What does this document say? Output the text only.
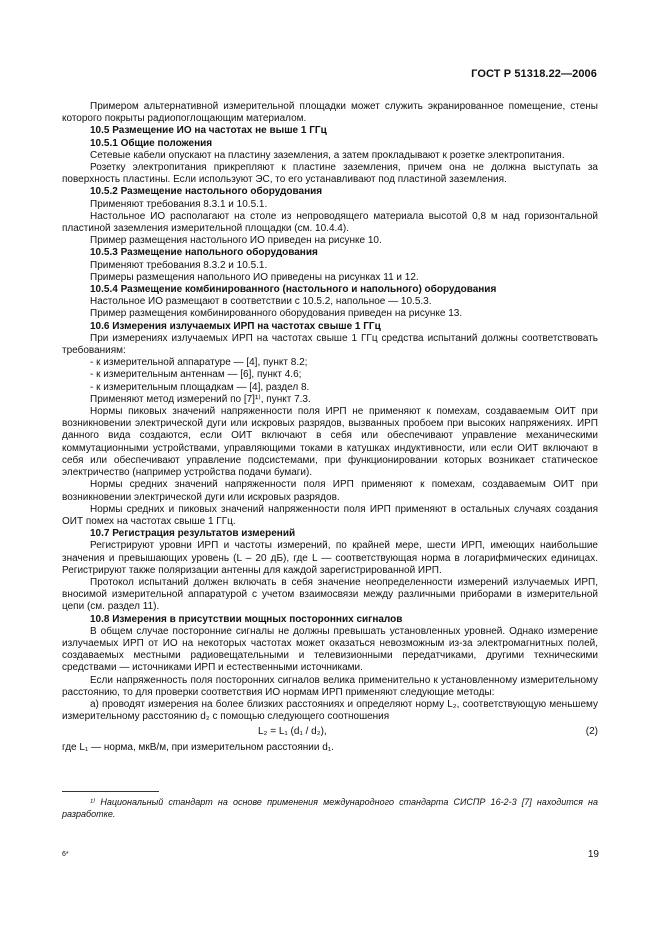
ГОСТ Р 51318.22—2006

Примером альтернативной измерительной площадки может служить экранированное помещение, стены которого покрыты радиопоглощающим материалом.

10.5 Размещение ИО на частотах не выше 1 ГГц

10.5.1 Общие положения

Сетевые кабели опускают на пластину заземления, а затем прокладывают к розетке электропитания.

Розетку электропитания прикрепляют к пластине заземления, причем она не должна выступать за поверхность пластины. Если используют ЭС, то его устанавливают под пластиной заземления.

10.5.2 Размещение настольного оборудования

Применяют требования 8.3.1 и 10.5.1.

Настольное ИО располагают на столе из непроводящего материала высотой 0,8 м над горизонтальной пластиной заземления измерительной площадки (см. 10.4.4).

Пример размещения настольного ИО приведен на рисунке 10.

10.5.3 Размещение напольного оборудования

Применяют требования 8.3.2 и 10.5.1.

Примеры размещения напольного ИО приведены на рисунках 11 и 12.

10.5.4 Размещение комбинированного (настольного и напольного) оборудования

Настольное ИО размещают в соответствии с 10.5.2, напольное — 10.5.3.

Пример размещения комбинированного оборудования приведен на рисунке 13.

10.6 Измерения излучаемых ИРП на частотах свыше 1 ГГц

При измерениях излучаемых ИРП на частотах свыше 1 ГГц средства испытаний должны соответствовать требованиям:

- к измерительной аппаратуре — [4], пункт 8.2;

- к измерительным антеннам — [6], пункт 4.6;

- к измерительным площадкам — [4], раздел 8.

Применяют метод измерений по [7]¹⁾, пункт 7.3.

Нормы пиковых значений напряженности поля ИРП не применяют к помехам, создаваемым ОИТ при возникновении электрической дуги или искровых разрядов, вызванных пробоем при высоких напряжениях. ИРП данного вида создаются, если ОИТ включают в себя или обеспечивают управление механическими коммутационными устройствами, управляющими токами в катушках индуктивности, или если ОИТ включают в себя или обеспечивают управление подсистемами, при функционировании которых возникает статическое электричество (например устройства подачи бумаги).

Нормы средних значений напряженности поля ИРП применяют к помехам, создаваемым ОИТ при возникновении электрической дуги или искровых разрядов.

Нормы средних и пиковых значений напряженности поля ИРП применяют в остальных случаях создания ОИТ помех на частотах свыше 1 ГГц.

10.7 Регистрация результатов измерений

Регистрируют уровни ИРП и частоты измерений, по крайней мере, шести ИРП, имеющих наибольшие значения и превышающих уровень (L – 20 дБ), где L — соответствующая норма в логарифмических единицах. Регистрируют также поляризации антенны для каждой зарегистрированной ИРП.

Протокол испытаний должен включать в себя значение неопределенности измерений излучаемых ИРП, вносимой измерительной аппаратурой с учетом взаимосвязи между различными приборами в измерительной цепи (см. раздел 11).

10.8 Измерения в присутствии мощных посторонних сигналов

В общем случае посторонние сигналы не должны превышать установленных уровней. Однако измерение излучаемых ИРП от ИО на некоторых частотах может оказаться невозможным из-за электромагнитных полей, создаваемых местными радиовещательными и телевизионными передатчиками, другими техническими средствами — источниками ИРП и естественными источниками.

Если напряженность поля посторонних сигналов велика применительно к установленному измерительному расстоянию, то для проверки соответствия ИО нормам ИРП применяют следующие методы:

а) проводят измерения на более близких расстояниях и определяют норму L₂, соответствующую меньшему измерительному расстоянию d₂ с помощью следующего соотношения

L₂ = L₁ (d₁ / d₂),	(2)

где L₁ — норма, мкВ/м, при измерительном расстоянии d₁.

¹⁾ Национальный стандарт на основе применения международного стандарта СИСПР 16-2-3 [7] находится на разработке.
6*	19
